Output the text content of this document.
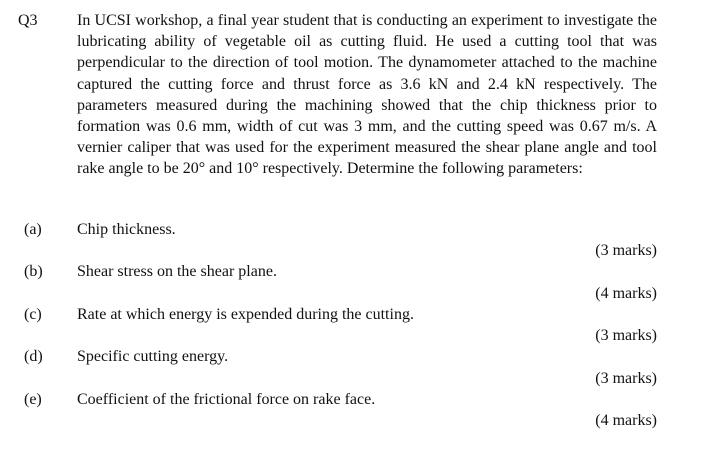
Q3 In UCSI workshop, a final year student that is conducting an experiment to investigate the lubricating ability of vegetable oil as cutting fluid. He used a cutting tool that was perpendicular to the direction of tool motion. The dynamometer attached to the machine captured the cutting force and thrust force as 3.6 kN and 2.4 kN respectively. The parameters measured during the machining showed that the chip thickness prior to formation was 0.6 mm, width of cut was 3 mm, and the cutting speed was 0.67 m/s. A vernier caliper that was used for the experiment measured the shear plane angle and tool rake angle to be 20° and 10° respectively. Determine the following parameters:
(a) Chip thickness.
(3 marks)
(b) Shear stress on the shear plane.
(4 marks)
(c) Rate at which energy is expended during the cutting.
(3 marks)
(d) Specific cutting energy.
(3 marks)
(e) Coefficient of the frictional force on rake face.
(4 marks)
